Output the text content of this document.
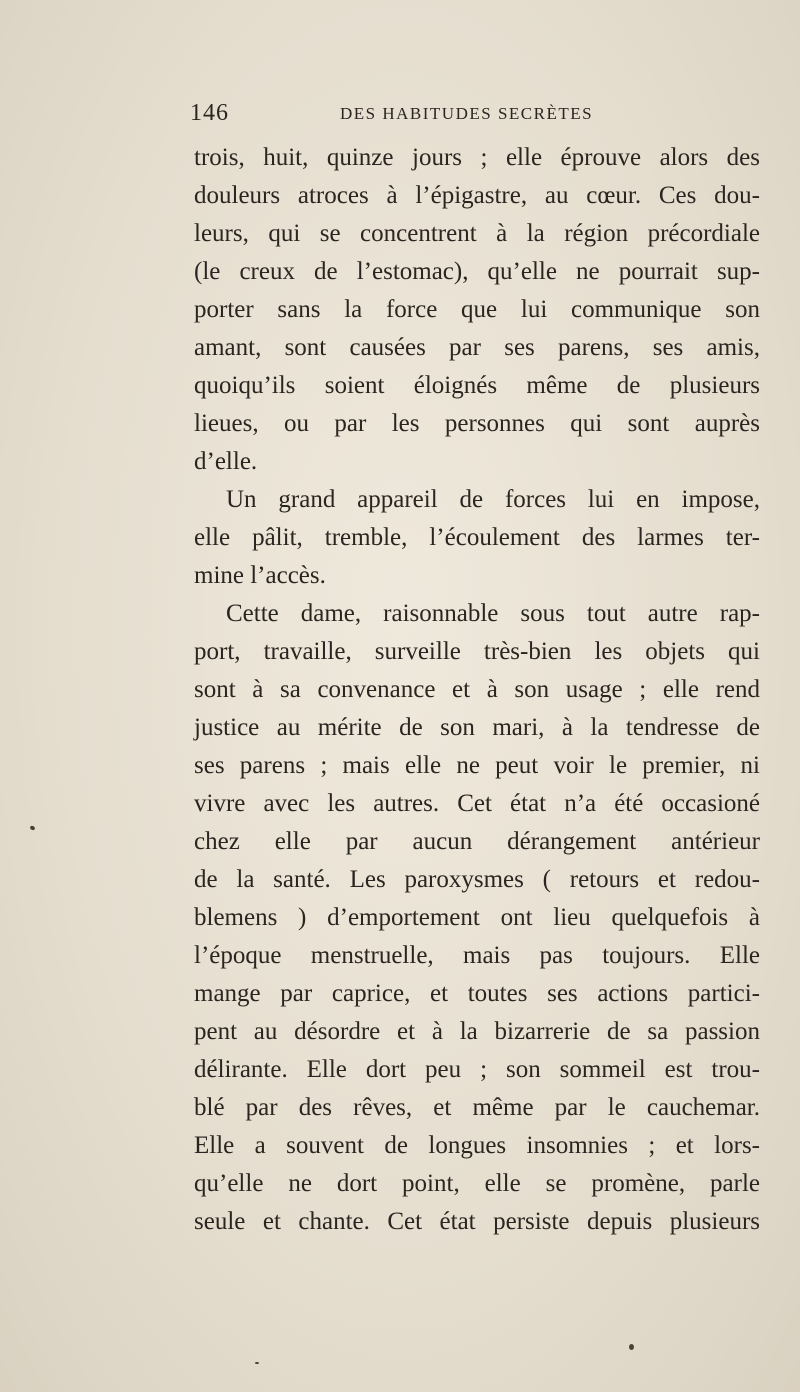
146	DES HABITUDES SECRÈTES
trois, huit, quinze jours ; elle éprouve alors des
douleurs atroces à l’épigastre, au cœur. Ces dou-
leurs, qui se concentrent à la région précordiale
(le creux de l’estomac), qu’elle ne pourrait sup-
porter sans la force que lui communique son
amant, sont causées par ses parens, ses amis,
quoiqu’ils soient éloignés même de plusieurs
lieues, ou par les personnes qui sont auprès
d’elle.
Un grand appareil de forces lui en impose,
elle pâlit, tremble, l’écoulement des larmes ter-
mine l’accès.
Cette dame, raisonnable sous tout autre rap-
port, travaille, surveille très-bien les objets qui
sont à sa convenance et à son usage ; elle rend
justice au mérite de son mari, à la tendresse de
ses parens ; mais elle ne peut voir le premier, ni
vivre avec les autres. Cet état n’a été occasioné
chez elle par aucun dérangement antérieur
de la santé. Les paroxysmes ( retours et redou-
blemens ) d’emportement ont lieu quelquefois à
l’époque menstruelle, mais pas toujours. Elle
mange par caprice, et toutes ses actions partici-
pent au désordre et à la bizarrerie de sa passion
délirante. Elle dort peu ; son sommeil est trou-
blé par des rêves, et même par le cauchemar.
Elle a souvent de longues insomnies ; et lors-
qu’elle ne dort point, elle se promène, parle
seule et chante. Cet état persiste depuis plusieurs
